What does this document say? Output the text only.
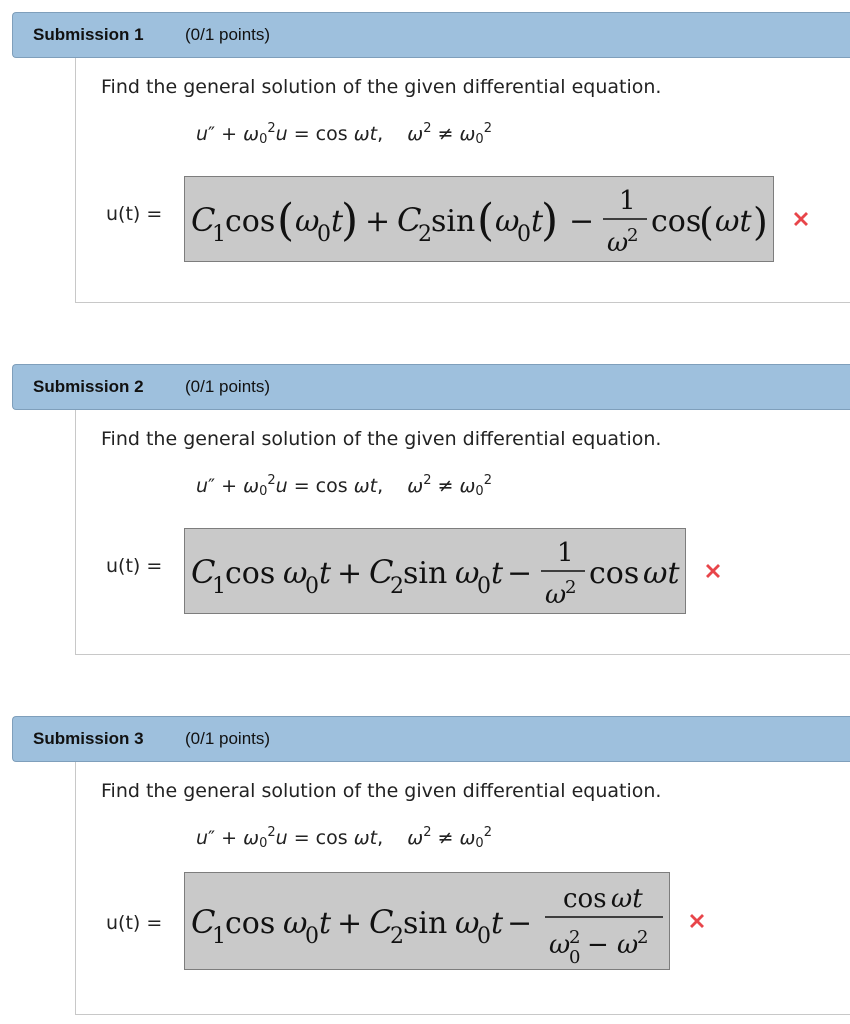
Submission 1 (0/1 points)
Find the general solution of the given differential equation.
$u'' + \omega_0^2u = \cos \omega t$,    $\omega^2 \ne \omega_0^2$
u(t) = C
1 cos ( ω
0 t
) + C
2 sin ( ω
0 t
) −
1
ω
2 cos
( ωt )
Submission 2 (0/1 points)
Find the general solution of the given differential equation.
$u'' + \omega_0^2u = \cos \omega t$,    $\omega^2 \ne \omega_0^2$
u(t) = C
1 cos ω
0 t + C
2 sin ω
0 t −
1
ω
2 cos ωt
Submission 3 (0/1 points)
Find the general solution of the given differential equation.
$u'' + \omega_0^2u = \cos \omega t$,    $\omega^2 \ne \omega_0^2$
u(t) = C
1 cos ω
0 t + C
2 sin ω
0 t −
cos ωt
ω
2
0 − ω
2
